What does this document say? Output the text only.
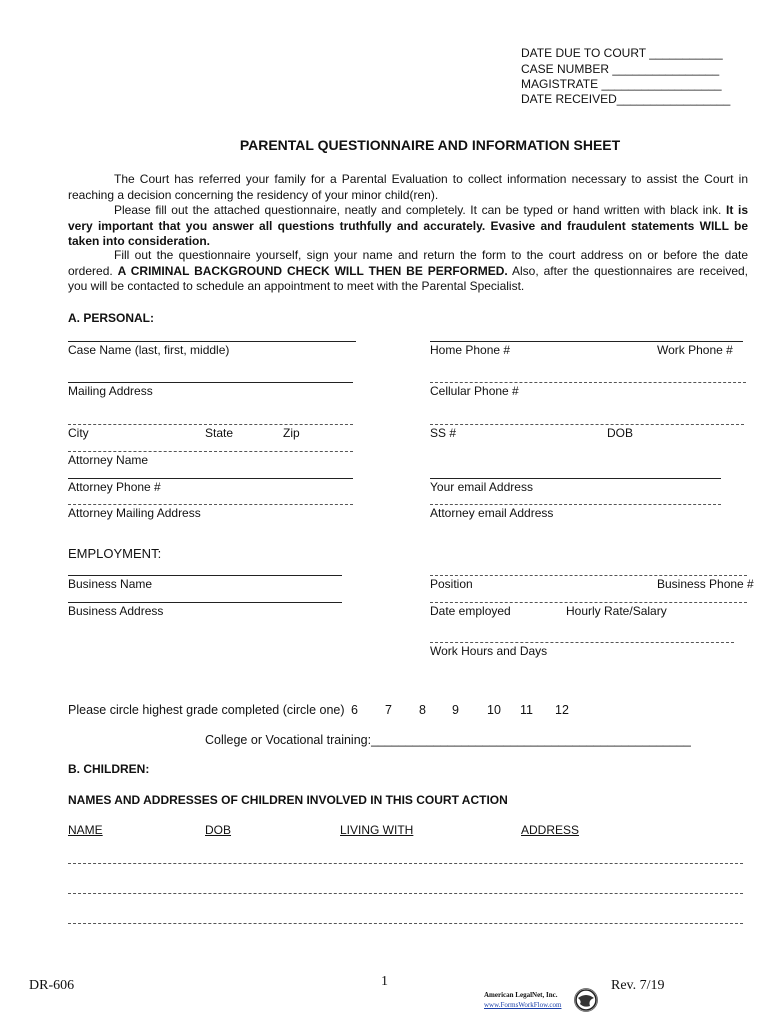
DATE DUE TO COURT ___________
CASE NUMBER ________________
MAGISTRATE __________________
DATE RECEIVED_________________
PARENTAL QUESTIONNAIRE AND INFORMATION SHEET
The Court has referred your family for a Parental Evaluation to collect information necessary to assist the Court in reaching a decision concerning the residency of your minor child(ren).
Please fill out the attached questionnaire, neatly and completely. It can be typed or hand written with black ink. It is very important that you answer all questions truthfully and accurately. Evasive and fraudulent statements WILL be taken into consideration.
Fill out the questionnaire yourself, sign your name and return the form to the court address on or before the date ordered. A CRIMINAL BACKGROUND CHECK WILL THEN BE PERFORMED. Also, after the questionnaires are received, you will be contacted to schedule an appointment to meet with the Parental Specialist.
A. PERSONAL:
Case Name (last, first, middle)	Home Phone #	Work Phone #
Mailing Address	Cellular Phone #
City	State	Zip	SS #	DOB
Attorney Name
Attorney Phone #	Your email Address
Attorney Mailing Address	Attorney email Address
EMPLOYMENT:
Business Name	Position	Business Phone #
Business Address	Date employed	Hourly Rate/Salary
Work Hours and Days
Please circle highest grade completed (circle one) 6 7 8 9 10 11 12
College or Vocational training:______________________________________________
B. CHILDREN:
NAMES AND ADDRESSES OF CHILDREN INVOLVED IN THIS COURT ACTION
NAME	DOB	LIVING WITH	ADDRESS
DR-606	1	Rev. 7/19
American LegalNet, Inc.
www.FormsWorkFlow.com
